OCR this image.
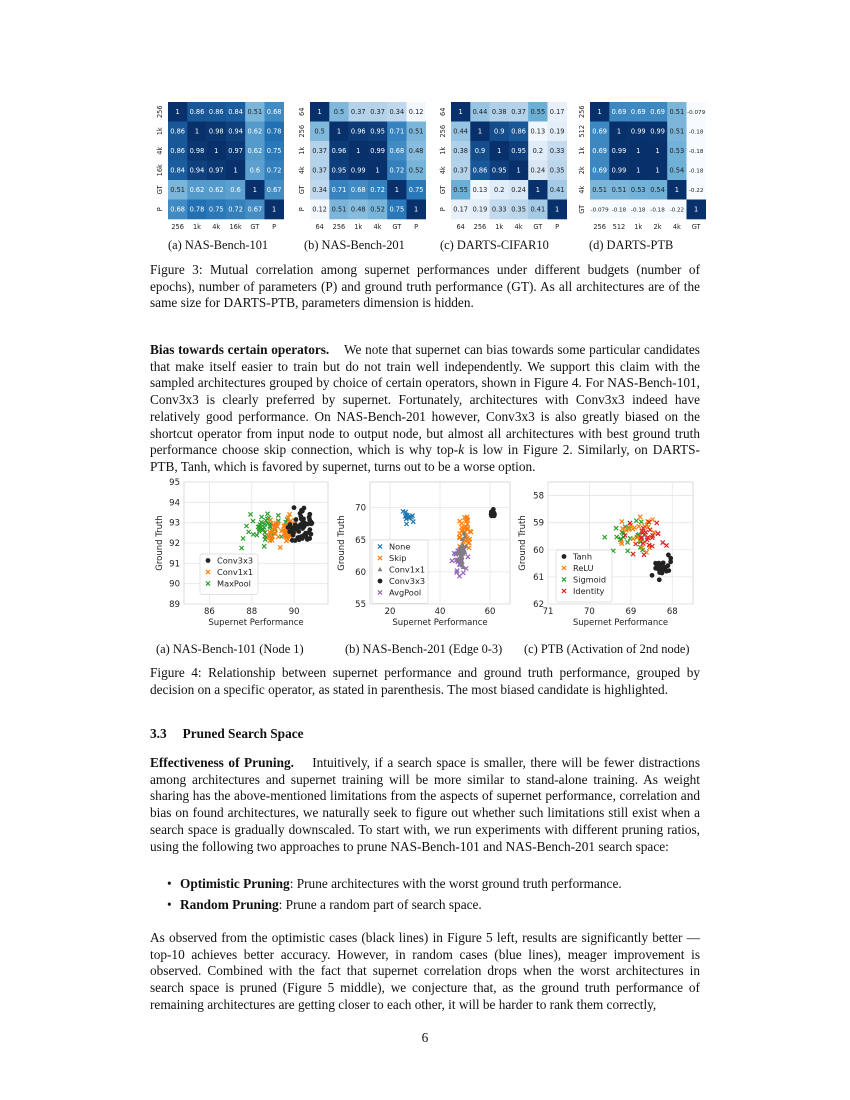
1 0.86 0.86 0.84 0.51 0.68
0.86 1 0.98 0.94 0.62 0.78
0.86 0.98 1 0.97 0.62 0.75
0.84 0.94 0.97 1 0.6 0.72
0.51 0.62 0.62 0.6 1 0.67
0.68 0.78 0.75 0.72 0.67 1
256
256
1k
1k
4k
4k
16k
16k
GT
GT
P
P
1 0.5 0.37 0.37 0.34 0.12
0.5 1 0.96 0.95 0.71 0.51
0.37 0.96 1 0.99 0.68 0.48
0.37 0.95 0.99 1 0.72 0.52
0.34 0.71 0.68 0.72 1 0.75
0.12 0.51 0.48 0.52 0.75 1
64
64
256
256
1k
1k
4k
4k
GT
GT
P
P
1 0.44 0.38 0.37 0.55 0.17
0.44 1 0.9 0.86 0.13 0.19
0.38 0.9 1 0.95 0.2 0.33
0.37 0.86 0.95 1 0.24 0.35
0.55 0.13 0.2 0.24 1 0.41
0.17 0.19 0.33 0.35 0.41 1
64
64
256
256
1k
1k
4k
4k
GT
GT
P
P
1 0.69 0.69 0.69 0.51 -0.079
0.69 1 0.99 0.99 0.51 -0.18
0.69 0.99 1 1 0.53 -0.18
0.69 0.99 1 1 0.54 -0.18
0.51 0.51 0.53 0.54 1 -0.22
-0.079 -0.18 -0.18 -0.18 -0.22 1
256
256
512
512
1k
1k
2k
2k
4k
4k
GT
GT
(a) NAS-Bench-101	(b) NAS-Bench-201	(c) DARTS-CIFAR10	(d) DARTS-PTB

Figure 3: Mutual correlation among supernet performances under different budgets (number of epochs), number of parameters (P) and ground truth performance (GT). As all architectures are of the same size for DARTS-PTB, parameters dimension is hidden.

Bias towards certain operators. We note that supernet can bias towards some particular candidates that make itself easier to train but do not train well independently. We support this claim with the sampled architectures grouped by choice of certain operators, shown in Figure 4. For NAS-Bench-101, Conv3x3 is clearly preferred by supernet. Fortunately, architectures with Conv3x3 indeed have relatively good performance. On NAS-Bench-201 however, Conv3x3 is also greatly biased on the shortcut operator from input node to output node, but almost all architectures with best ground truth performance choose skip connection, which is why top-k is low in Figure 2. Similarly, on DARTS-PTB, Tanh, which is favored by supernet, turns out to be a worse option.

86	88	90
89
90
91
92
93
94
95
Supernet Performance
Ground Truth	Conv3x3
Conv1x1
MaxPool
20	40	60
55
60
65
70
Supernet Performance
Ground Truth	None
Skip
Conv1x1
Conv3x3
AvgPool
71	70	69	68
58
59
60
61
62
Supernet Performance
Ground Truth	Tanh
ReLU
Sigmoid
Identity
(a) NAS-Bench-101 (Node 1)	(b) NAS-Bench-201 (Edge 0-3) (c) PTB (Activation of 2nd node)

Figure 4: Relationship between supernet performance and ground truth performance, grouped by decision on a specific operator, as stated in parenthesis. The most biased candidate is highlighted.

3.3 Pruned Search Space

Effectiveness of Pruning. Intuitively, if a search space is smaller, there will be fewer distractions among architectures and supernet training will be more similar to stand-alone training. As weight sharing has the above-mentioned limitations from the aspects of supernet performance, correlation and bias on found architectures, we naturally seek to figure out whether such limitations still exist when a search space is gradually downscaled. To start with, we run experiments with different pruning ratios, using the following two approaches to prune NAS-Bench-101 and NAS-Bench-201 search space:

• Optimistic Pruning: Prune architectures with the worst ground truth performance.
• Random Pruning: Prune a random part of search space.

As observed from the optimistic cases (black lines) in Figure 5 left, results are significantly better — top-10 achieves better accuracy. However, in random cases (blue lines), meager improvement is observed. Combined with the fact that supernet correlation drops when the worst architectures in search space is pruned (Figure 5 middle), we conjecture that, as the ground truth performance of remaining architectures are getting closer to each other, it will be harder to rank them correctly,

6
